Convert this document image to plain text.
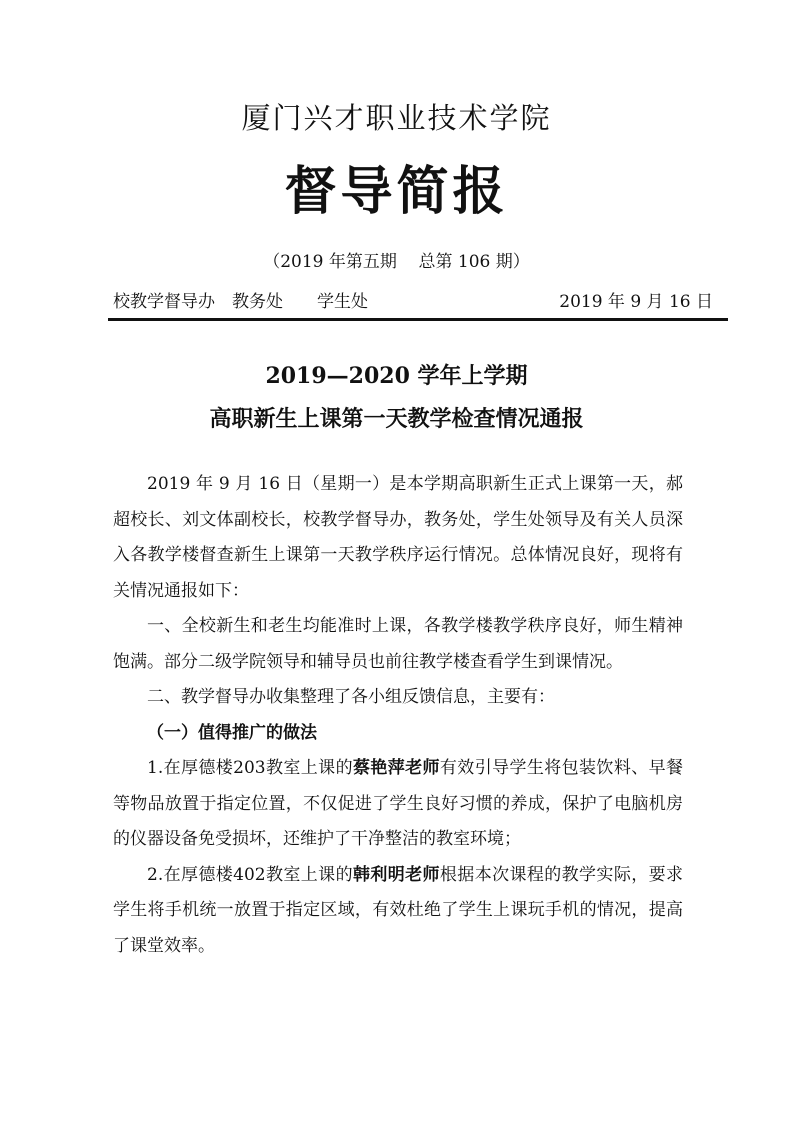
厦门兴才职业技术学院
督导简报
（2019 年第五期 总第 106 期）
校教学督导办　教务处　　学生处	2019 年 9 月 16 日
2019—2020 学年上学期
高职新生上课第一天教学检查情况通报

2019 年 9 月 16 日（星期一）是本学期高职新生正式上课第一天，郝超校长、刘文体副校长，校教学督导办，教务处，学生处领导及有关人员深入各教学楼督查新生上课第一天教学秩序运行情况。总体情况良好，现将有关情况通报如下：

一、全校新生和老生均能准时上课，各教学楼教学秩序良好，师生精神饱满。部分二级学院领导和辅导员也前往教学楼查看学生到课情况。

二、教学督导办收集整理了各小组反馈信息，主要有：

（一）值得推广的做法

1.在厚德楼203教室上课的蔡艳萍老师有效引导学生将包装饮料、早餐等物品放置于指定位置，不仅促进了学生良好习惯的养成，保护了电脑机房的仪器设备免受损坏，还维护了干净整洁的教室环境；

2.在厚德楼402教室上课的韩利明老师根据本次课程的教学实际，要求学生将手机统一放置于指定区域，有效杜绝了学生上课玩手机的情况，提高了课堂效率。
